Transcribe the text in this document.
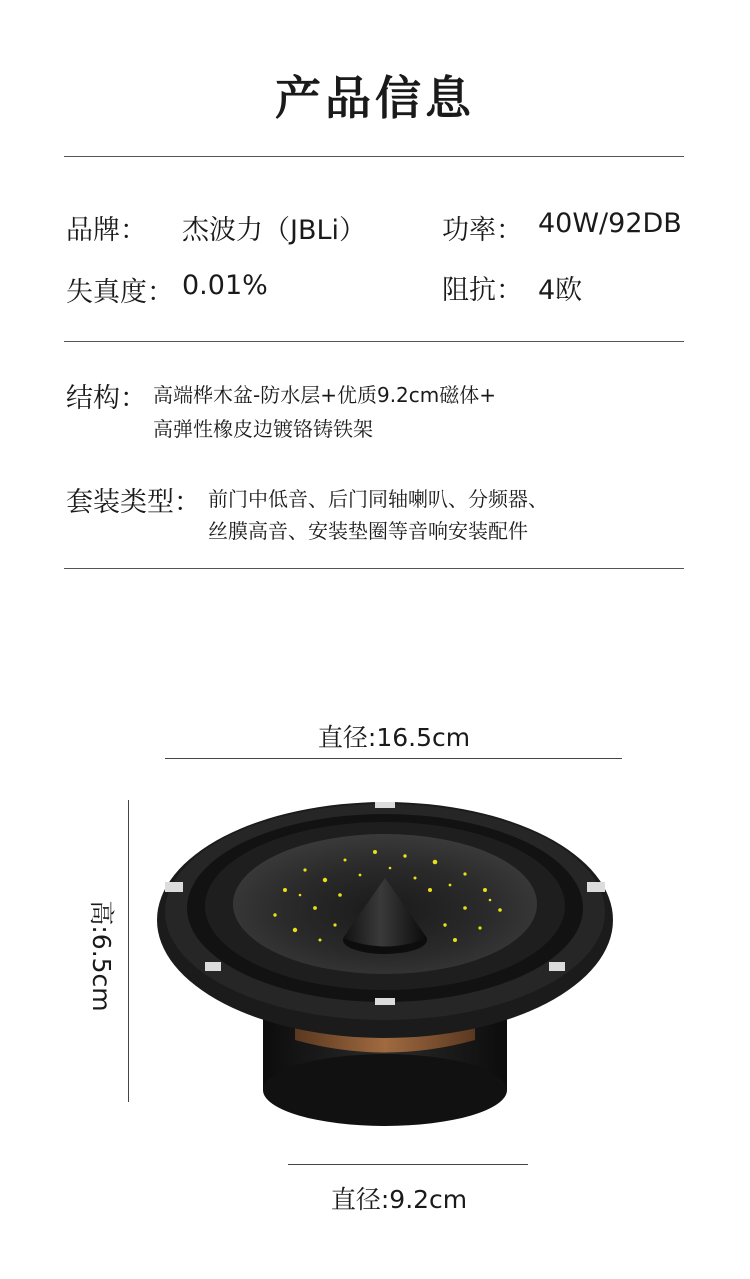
产品信息
品牌： 杰波力（JBLi）	功率： 40W/92DB
失真度： 0.01%	阻抗： 4欧
结构： 高端桦木盆-防水层+优质9.2cm磁体+
高弹性橡皮边镀铬铸铁架
套装类型： 前门中低音、后门同轴喇叭、分频器、
丝膜高音、安装垫圈等音响安装配件
直径:16.5cm
高:6.5cm
直径:9.2cm
